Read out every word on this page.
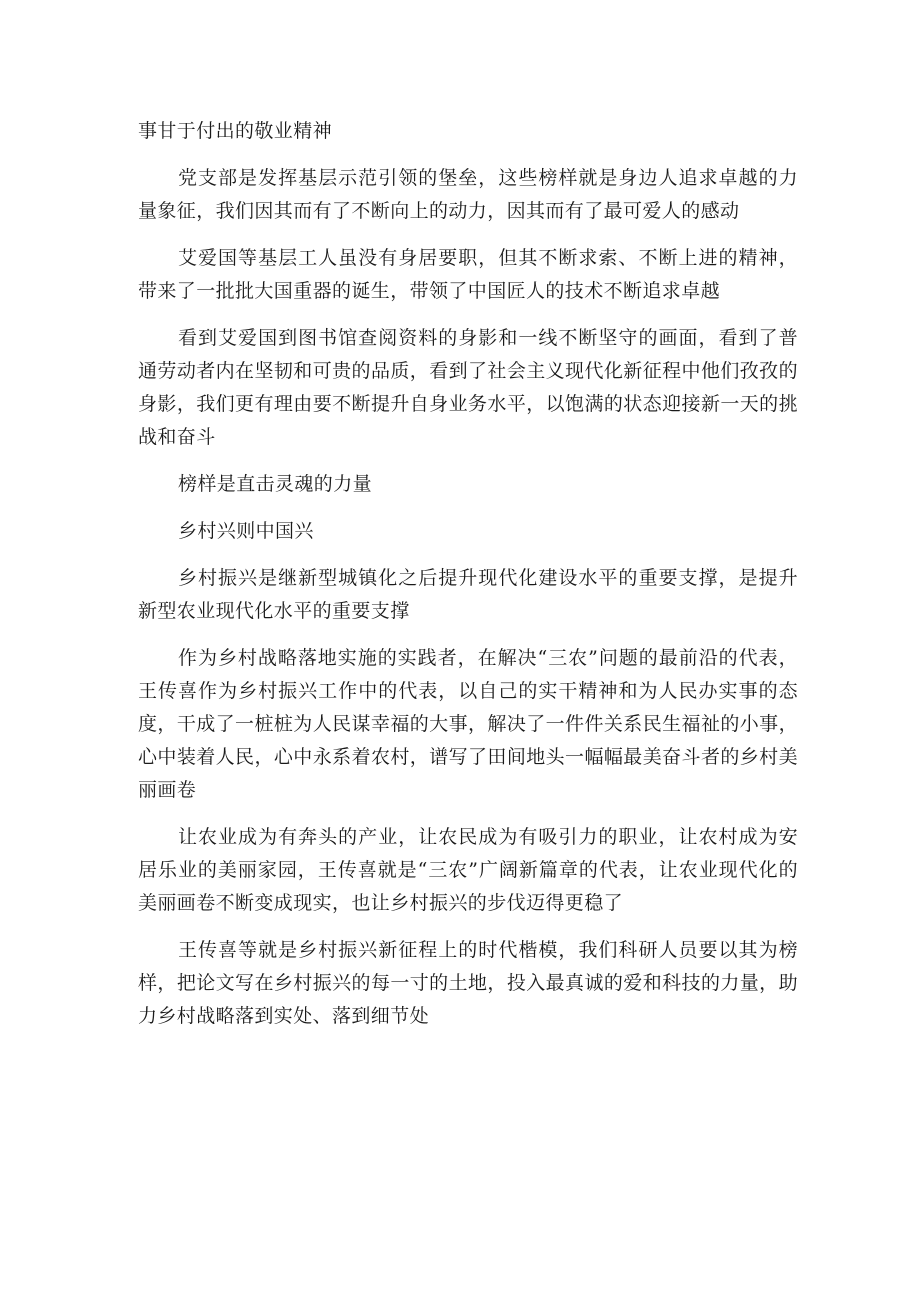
事甘于付出的敬业精神

党支部是发挥基层示范引领的堡垒，这些榜样就是身边人追求卓越的力量象征，我们因其而有了不断向上的动力，因其而有了最可爱人的感动

艾爱国等基层工人虽没有身居要职，但其不断求索、不断上进的精神，带来了一批批大国重器的诞生，带领了中国匠人的技术不断追求卓越

看到艾爱国到图书馆查阅资料的身影和一线不断坚守的画面，看到了普通劳动者内在坚韧和可贵的品质，看到了社会主义现代化新征程中他们孜孜的身影，我们更有理由要不断提升自身业务水平，以饱满的状态迎接新一天的挑战和奋斗

榜样是直击灵魂的力量

乡村兴则中国兴

乡村振兴是继新型城镇化之后提升现代化建设水平的重要支撑，是提升新型农业现代化水平的重要支撑

作为乡村战略落地实施的实践者，在解决“三农”问题的最前沿的代表，王传喜作为乡村振兴工作中的代表，以自己的实干精神和为人民办实事的态度，干成了一桩桩为人民谋幸福的大事，解决了一件件关系民生福祉的小事，心中装着人民，心中永系着农村，谱写了田间地头一幅幅最美奋斗者的乡村美丽画卷

让农业成为有奔头的产业，让农民成为有吸引力的职业，让农村成为安居乐业的美丽家园，王传喜就是“三农”广阔新篇章的代表，让农业现代化的美丽画卷不断变成现实，也让乡村振兴的步伐迈得更稳了

王传喜等就是乡村振兴新征程上的时代楷模，我们科研人员要以其为榜样，把论文写在乡村振兴的每一寸的土地，投入最真诚的爱和科技的力量，助力乡村战略落到实处、落到细节处
